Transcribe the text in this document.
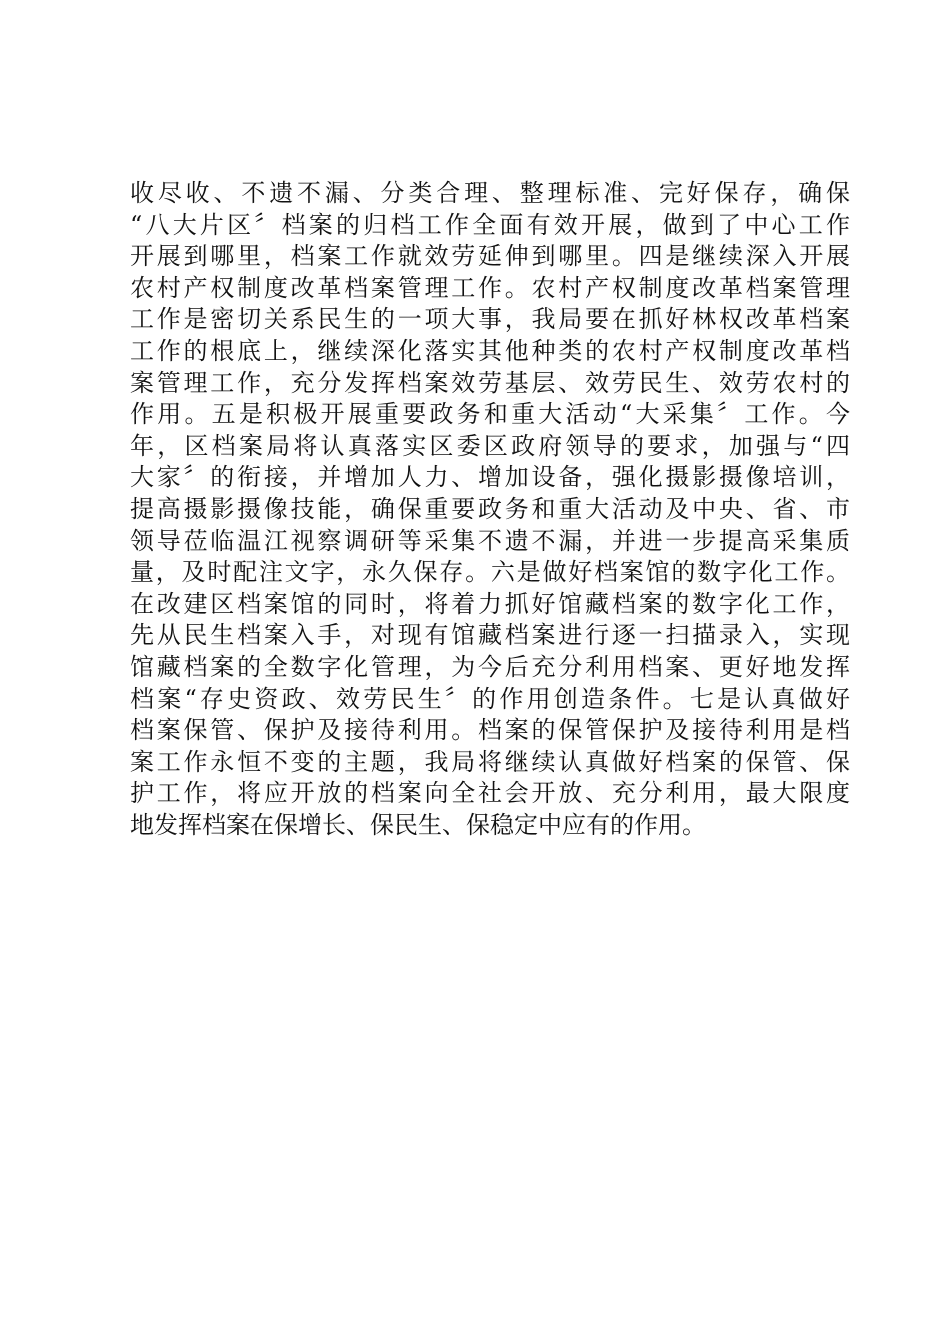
收尽收、不遗不漏、分类合理、整理标准、完好保存，确保
“八大片区〞档案的归档工作全面有效开展，做到了中心工作
开展到哪里，档案工作就效劳延伸到哪里。四是继续深入开展
农村产权制度改革档案管理工作。农村产权制度改革档案管理
工作是密切关系民生的一项大事，我局要在抓好林权改革档案
工作的根底上，继续深化落实其他种类的农村产权制度改革档
案管理工作，充分发挥档案效劳基层、效劳民生、效劳农村的
作用。五是积极开展重要政务和重大活动“大采集〞工作。今
年，区档案局将认真落实区委区政府领导的要求，加强与“四
大家〞的衔接，并增加人力、增加设备，强化摄影摄像培训，
提高摄影摄像技能，确保重要政务和重大活动及中央、省、市
领导莅临温江视察调研等采集不遗不漏，并进一步提高采集质
量，及时配注文字，永久保存。六是做好档案馆的数字化工作。
在改建区档案馆的同时，将着力抓好馆藏档案的数字化工作，
先从民生档案入手，对现有馆藏档案进行逐一扫描录入，实现
馆藏档案的全数字化管理，为今后充分利用档案、更好地发挥
档案“存史资政、效劳民生〞的作用创造条件。七是认真做好
档案保管、保护及接待利用。档案的保管保护及接待利用是档
案工作永恒不变的主题，我局将继续认真做好档案的保管、保
护工作，将应开放的档案向全社会开放、充分利用，最大限度
地发挥档案在保增长、保民生、保稳定中应有的作用。
